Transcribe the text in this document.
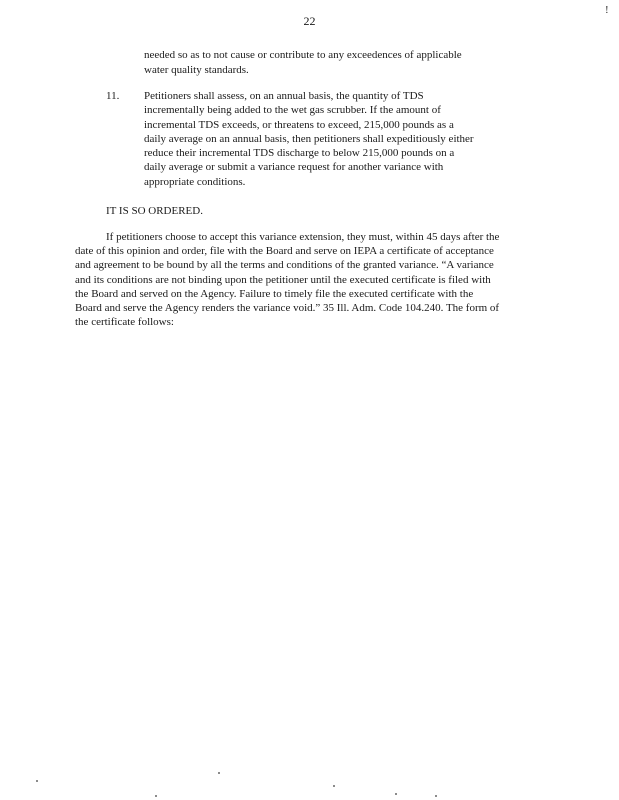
!
22
needed so as to not cause or contribute to any exceedences of applicable
water quality standards.
11. Petitioners shall assess, on an annual basis, the quantity of TDS
incrementally being added to the wet gas scrubber. If the amount of
incremental TDS exceeds, or threatens to exceed, 215,000 pounds as a
daily average on an annual basis, then petitioners shall expeditiously either
reduce their incremental TDS discharge to below 215,000 pounds on a
daily average or submit a variance request for another variance with
appropriate conditions.
IT IS SO ORDERED.
If petitioners choose to accept this variance extension, they must, within 45 days after the
date of this opinion and order, file with the Board and serve on IEPA a certificate of acceptance
and agreement to be bound by all the terms and conditions of the granted variance. “A variance
and its conditions are not binding upon the petitioner until the executed certificate is filed with
the Board and served on the Agency. Failure to timely file the executed certificate with the
Board and serve the Agency renders the variance void.” 35 Ill. Adm. Code 104.240. The form of
the certificate follows:
